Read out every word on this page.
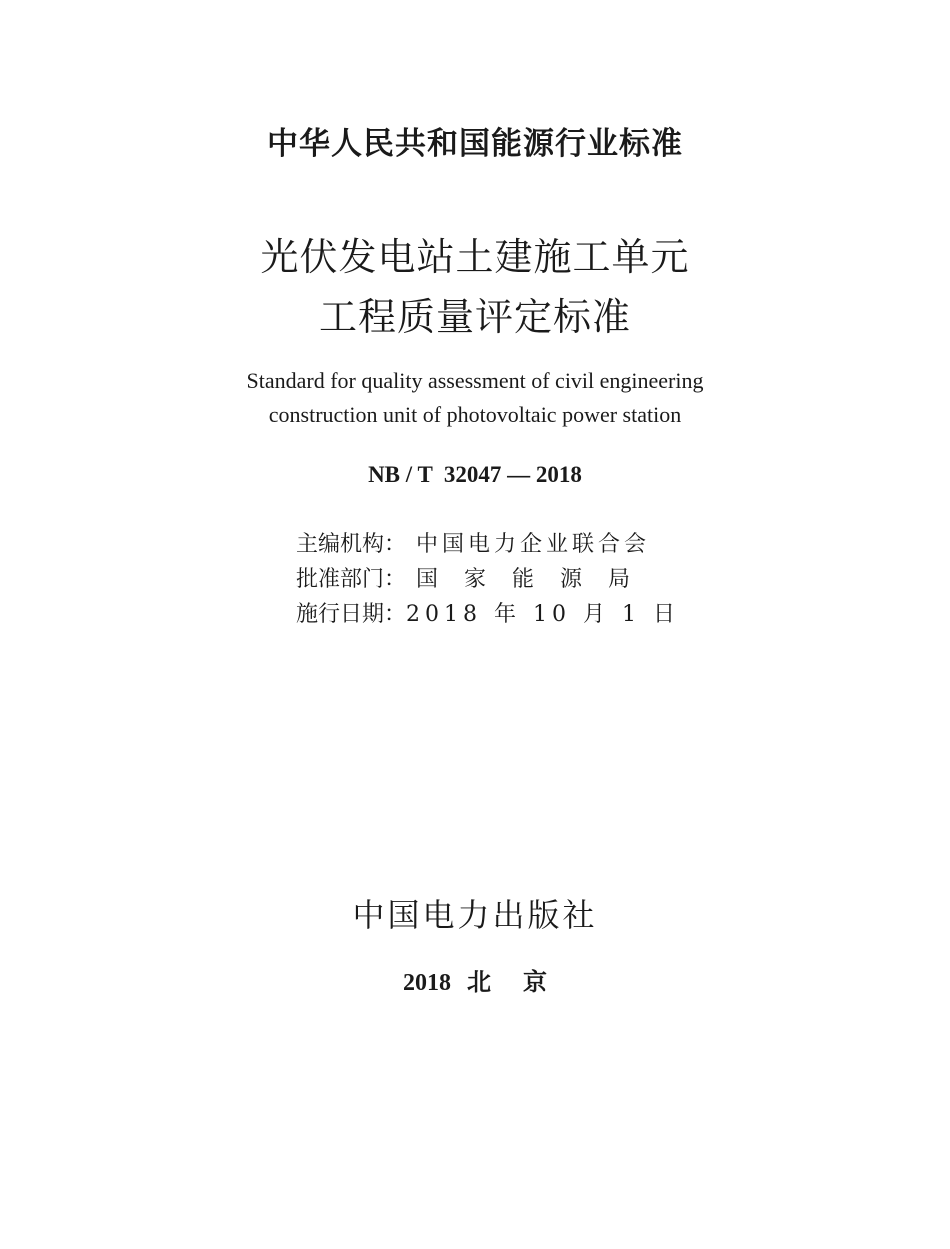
中华人民共和国能源行业标准
光伏发电站土建施工单元
工程质量评定标准
Standard for quality assessment of civil engineering
construction unit of photovoltaic power station
NB / T  32047 — 2018
主编机构： 中国电力企业联合会
批准部门： 国家能源局
施行日期： 2018 年 10 月 1 日
中国电力出版社
2018 北  京
